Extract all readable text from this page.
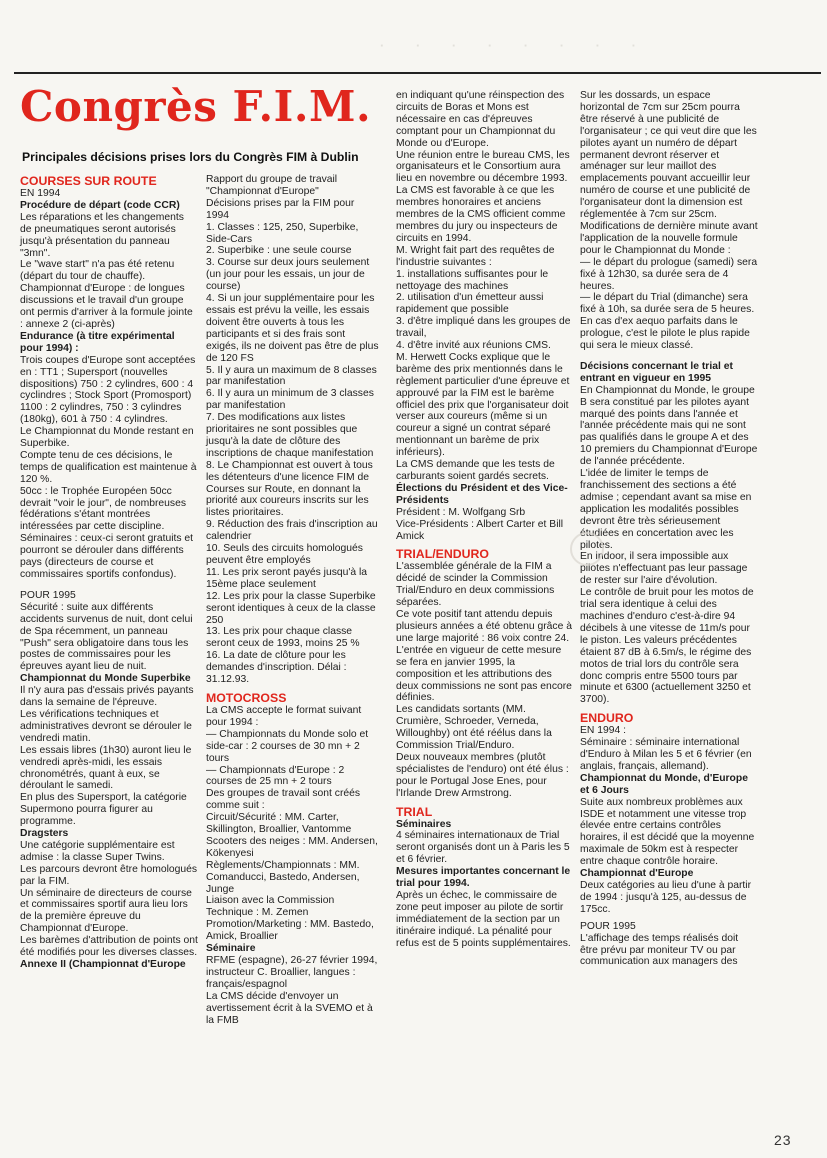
· · · · · · · ·
Congrès F.I.M.
Principales décisions prises lors du Congrès FIM à Dublin

COURSES SUR ROUTE

EN 1994

Procédure de départ (code CCR)

Les réparations et les changements de pneumatiques seront autorisés jusqu'à présentation du panneau "3mn".

Le "wave start" n'a pas été retenu (départ du tour de chauffe).

Championnat d'Europe : de longues discussions et le travail d'un groupe ont permis d'arriver à la formule jointe : annexe 2 (ci-après)

Endurance (à titre expérimental pour 1994) :

Trois coupes d'Europe sont acceptées en : TT1 ; Supersport (nouvelles dispositions) 750 : 2 cylindres, 600 : 4 cyclindres ; Stock Sport (Promosport) 1100 : 2 cylindres, 750 : 3 cylindres (180kg), 601 à 750 : 4 cylindres.

Le Championnat du Monde restant en Superbike.

Compte tenu de ces décisions, le temps de qualification est maintenue à 120 %.

50cc : le Trophée Européen 50cc devrait "voir le jour", de nombreuses fédérations s'étant montrées intéressées par cette discipline.

Séminaires : ceux-ci seront gratuits et pourront se dérouler dans différents pays (directeurs de course et commissaires sportifs confondus).

POUR 1995

Sécurité : suite aux différents accidents survenus de nuit, dont celui de Spa récemment, un panneau "Push" sera obligatoire dans tous les postes de commissaires pour les épreuves ayant lieu de nuit.

Championnat du Monde Superbike

Il n'y aura pas d'essais privés payants dans la semaine de l'épreuve.

Les vérifications techniques et administratives devront se dérouler le vendredi matin.

Les essais libres (1h30) auront lieu le vendredi après-midi, les essais chronométrés, quant à eux, se déroulant le samedi.

En plus des Supersport, la catégorie Supermono pourra figurer au programme.

Dragsters

Une catégorie supplémentaire est admise : la classe Super Twins.

Les parcours devront être homologués par la FIM.

Un séminaire de directeurs de course et commissaires sportif aura lieu lors de la première épreuve du Championnat d'Europe.

Les barèmes d'attribution de points ont été modifiés pour les diverses classes.

Annexe II (Championnat d'Europe

Rapport du groupe de travail "Championnat d'Europe"

Décisions prises par la FIM pour 1994

1. Classes : 125, 250, Superbike, Side-Cars

2. Superbike : une seule course

3. Course sur deux jours seulement (un jour pour les essais, un jour de course)

4. Si un jour supplémentaire pour les essais est prévu la veille, les essais doivent être ouverts à tous les participants et si des frais sont exigés, ils ne doivent pas être de plus de 120 FS

5. Il y aura un maximum de 8 classes par manifestation

6. Il y aura un minimum de 3 classes par manifestation

7. Des modifications aux listes prioritaires ne sont possibles que jusqu'à la date de clôture des inscriptions de chaque manifestation

8. Le Championnat est ouvert à tous les détenteurs d'une licence FIM de Courses sur Route, en donnant la priorité aux coureurs inscrits sur les listes prioritaires.

9. Réduction des frais d'inscription au calendrier

10. Seuls des circuits homologués peuvent être employés

11. Les prix seront payés jusqu'à la 15ème place seulement

12. Les prix pour la classe Superbike seront identiques à ceux de la classe 250

13. Les prix pour chaque classe seront ceux de 1993, moins 25 %

16. La date de clôture pour les demandes d'inscription. Délai : 31.12.93.

MOTOCROSS

La CMS accepte le format suivant pour 1994 :

— Championnats du Monde solo et side-car : 2 courses de 30 mn + 2 tours

— Championnats d'Europe : 2 courses de 25 mn + 2 tours

Des groupes de travail sont créés comme suit :

Circuit/Sécurité : MM. Carter, Skillington, Broallier, Vantomme

Scooters des neiges : MM. Andersen, Kökenyesi

Règlements/Championnats : MM. Comanducci, Bastedo, Andersen, Junge

Liaison avec la Commission Technique : M. Zemen

Promotion/Marketing : MM. Bastedo, Amick, Broallier

Séminaire

RFME (espagne), 26-27 février 1994, instructeur C. Broallier, langues : français/espagnol

La CMS décide d'envoyer un avertissement écrit à la SVEMO et à la FMB

en indiquant qu'une réinspection des circuits de Boras et Mons est nécessaire en cas d'épreuves comptant pour un Championnat du Monde ou d'Europe.

Une réunion entre le bureau CMS, les organisateurs et le Consortium aura lieu en novembre ou décembre 1993.

La CMS est favorable à ce que les membres honoraires et anciens membres de la CMS officient comme membres du jury ou inspecteurs de circuits en 1994.

M. Wright fait part des requêtes de l'industrie suivantes :

1. installations suffisantes pour le nettoyage des machines

2. utilisation d'un émetteur aussi rapidement que possible

3. d'être impliqué dans les groupes de travail,

4. d'être invité aux réunions CMS.

M. Herwett Cocks explique que le barème des prix mentionnés dans le règlement particulier d'une épreuve et approuvé par la FIM est le barème officiel des prix que l'organisateur doit verser aux coureurs (même si un coureur a signé un contrat séparé mentionnant un barème de prix inférieurs).

La CMS demande que les tests de carburants soient gardés secrets.

Élections du Président et des Vice-Présidents

Président : M. Wolfgang Srb

Vice-Présidents : Albert Carter et Bill Amick

TRIAL/ENDURO

L'assemblée générale de la FIM a décidé de scinder la Commission Trial/Enduro en deux commissions séparées.

Ce vote positif tant attendu depuis plusieurs années a été obtenu grâce à une large majorité : 86 voix contre 24.

L'entrée en vigueur de cette mesure se fera en janvier 1995, la composition et les attributions des deux commissions ne sont pas encore définies.

Les candidats sortants (MM. Crumière, Schroeder, Verneda, Willoughby) ont été réélus dans la Commission Trial/Enduro.

Deux nouveaux membres (plutôt spécialistes de l'enduro) ont été élus : pour le Portugal Jose Enes, pour l'Irlande Drew Armstrong.

TRIAL

Séminaires

4 séminaires internationaux de Trial seront organisés dont un à Paris les 5 et 6 février.

Mesures importantes concernant le trial pour 1994.

Après un échec, le commissaire de zone peut imposer au pilote de sortir immédiatement de la section par un itinéraire indiqué. La pénalité pour refus est de 5 points supplémentaires.

Sur les dossards, un espace horizontal de 7cm sur 25cm pourra être réservé à une publicité de l'organisateur ; ce qui veut dire que les pilotes ayant un numéro de départ permanent devront réserver et aménager sur leur maillot des emplacements pouvant accueillir leur numéro de course et une publicité de l'organisateur dont la dimension est réglementée à 7cm sur 25cm.

Modifications de dernière minute avant l'application de la nouvelle formule pour le Championnat du Monde :

— le départ du prologue (samedi) sera fixé à 12h30, sa durée sera de 4 heures.

— le départ du Trial (dimanche) sera fixé à 10h, sa durée sera de 5 heures.

En cas d'ex aequo parfaits dans le prologue, c'est le pilote le plus rapide qui sera le mieux classé.

Décisions concernant le trial et entrant en vigueur en 1995

En Championnat du Monde, le groupe B sera constitué par les pilotes ayant marqué des points dans l'année et l'année précédente mais qui ne sont pas qualifiés dans le groupe A et des 10 premiers du Championnat d'Europe de l'année précédente.

L'idée de limiter le temps de franchissement des sections a été admise ; cependant avant sa mise en application les modalités possibles devront être très sérieusement étudiées en concertation avec les pilotes.

En indoor, il sera impossible aux pilotes n'effectuant pas leur passage de rester sur l'aire d'évolution.

Le contrôle de bruit pour les motos de trial sera identique à celui des machines d'enduro c'est-à-dire 94 décibels à une vitesse de 11m/s pour le piston. Les valeurs précédentes étaient 87 dB à 6.5m/s, le régime des motos de trial lors du contrôle sera donc compris entre 5500 tours par minute et 6300 (actuellement 3250 et 3700).

ENDURO

EN 1994 :

Séminaire : séminaire international d'Enduro à Milan les 5 et 6 février (en anglais, français, allemand).

Championnat du Monde, d'Europe et 6 Jours

Suite aux nombreux problèmes aux ISDE et notamment une vitesse trop élevée entre certains contrôles horaires, il est décidé que la moyenne maximale de 50km est à respecter entre chaque contrôle horaire.

Championnat d'Europe

Deux catégories au lieu d'une à partir de 1994 : jusqu'à 125, au-dessus de 175cc.

POUR 1995

L'affichage des temps réalisés doit être prévu par moniteur TV ou par communication aux managers des

23
